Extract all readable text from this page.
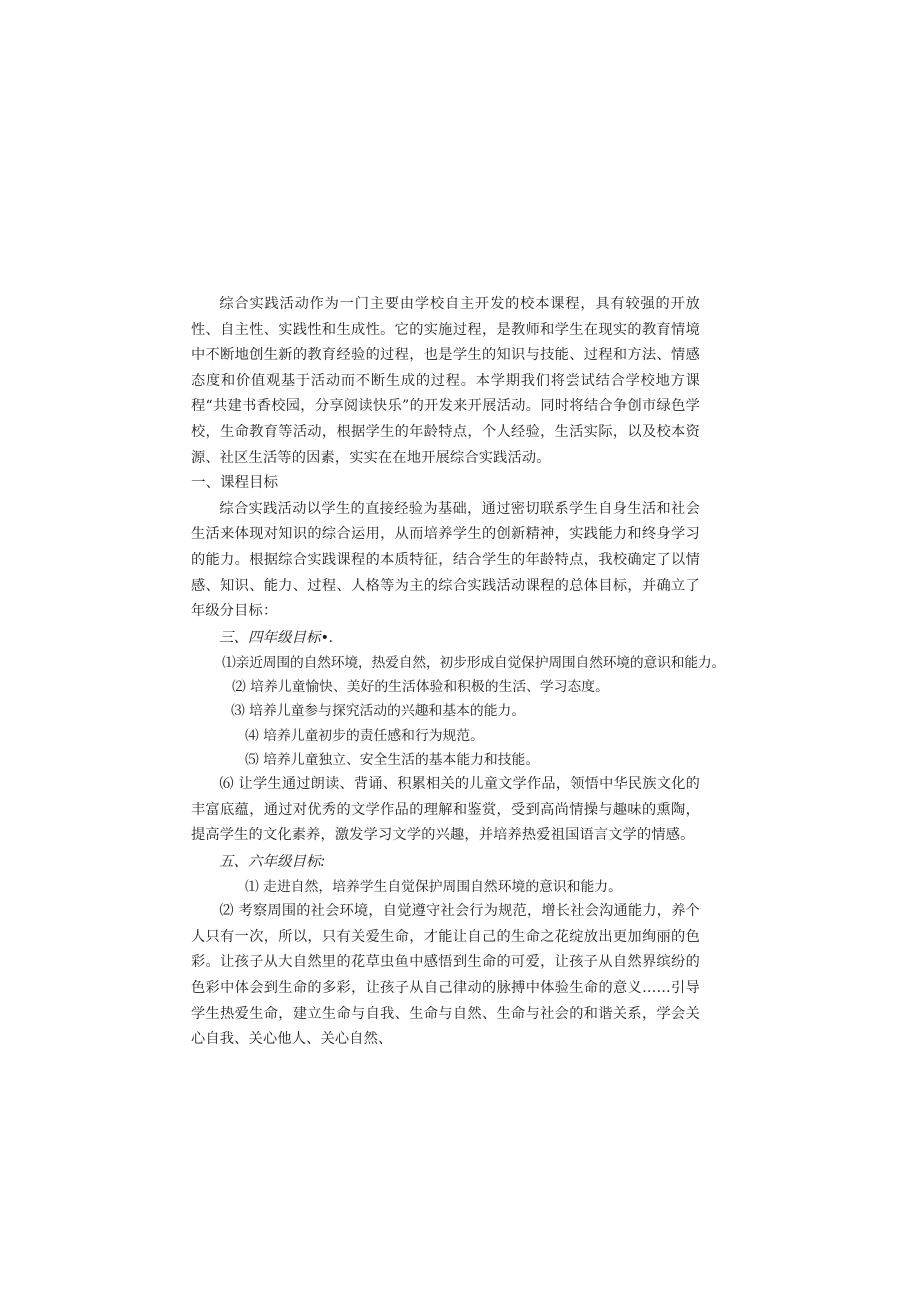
综合实践活动作为一门主要由学校自主开发的校本课程，具有较强的开放性、自主性、实践性和生成性。它的实施过程，是教师和学生在现实的教育情境中不断地创生新的教育经验的过程，也是学生的知识与技能、过程和方法、情感态度和价值观基于活动而不断生成的过程。本学期我们将尝试结合学校地方课程“共建书香校园，分享阅读快乐”的开发来开展活动。同时将结合争创市绿色学校，生命教育等活动，根据学生的年龄特点，个人经验，生活实际，以及校本资源、社区生活等的因素，实实在在地开展综合实践活动。

一、课程目标

综合实践活动以学生的直接经验为基础，通过密切联系学生自身生活和社会生活来体现对知识的综合运用，从而培养学生的创新精神，实践能力和终身学习的能力。根据综合实践课程的本质特征，结合学生的年龄特点，我校确定了以情感、知识、能力、过程、人格等为主的综合实践活动课程的总体目标，并确立了年级分目标：

三、四年级目标•.

⑴亲近周围的自然环境，热爱自然，初步形成自觉保护周围自然环境的意识和能力。

⑵ 培养儿童愉快、美好的生活体验和积极的生活、学习态度。

⑶ 培养儿童参与探究活动的兴趣和基本的能力。

⑷ 培养儿童初步的责任感和行为规范。

⑸ 培养儿童独立、安全生活的基本能力和技能。

⑹ 让学生通过朗读、背诵、积累相关的儿童文学作品，领悟中华民族文化的丰富底蕴，通过对优秀的文学作品的理解和鉴赏，受到高尚情操与趣味的熏陶，提高学生的文化素养，激发学习文学的兴趣，并培养热爱祖国语言文学的情感。

五、六年级目标:

⑴ 走进自然，培养学生自觉保护周围自然环境的意识和能力。

⑵ 考察周围的社会环境，自觉遵守社会行为规范，增长社会沟通能力，养个人只有一次，所以，只有关爱生命，才能让自己的生命之花绽放出更加绚丽的色彩。让孩子从大自然里的花草虫鱼中感悟到生命的可爱，让孩子从自然界缤纷的色彩中体会到生命的多彩，让孩子从自己律动的脉搏中体验生命的意义……引导学生热爱生命，建立生命与自我、生命与自然、生命与社会的和谐关系，学会关心自我、关心他人、关心自然、
